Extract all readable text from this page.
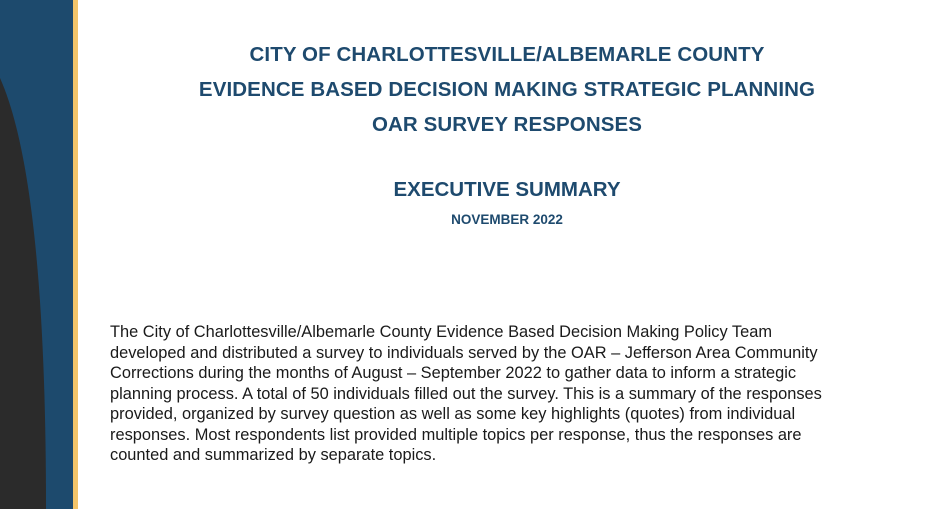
CITY OF CHARLOTTESVILLE/ALBEMARLE COUNTY
EVIDENCE BASED DECISION MAKING STRATEGIC PLANNING
OAR SURVEY RESPONSES
EXECUTIVE SUMMARY
NOVEMBER 2022

The City of Charlottesville/Albemarle County Evidence Based Decision Making Policy Team developed and distributed a survey to individuals served by the OAR – Jefferson Area Community Corrections during the months of August – September 2022 to gather data to inform a strategic planning process. A total of 50 individuals filled out the survey. This is a summary of the responses provided, organized by survey question as well as some key highlights (quotes) from individual responses. Most respondents list provided multiple topics per response, thus the responses are counted and summarized by separate topics.
